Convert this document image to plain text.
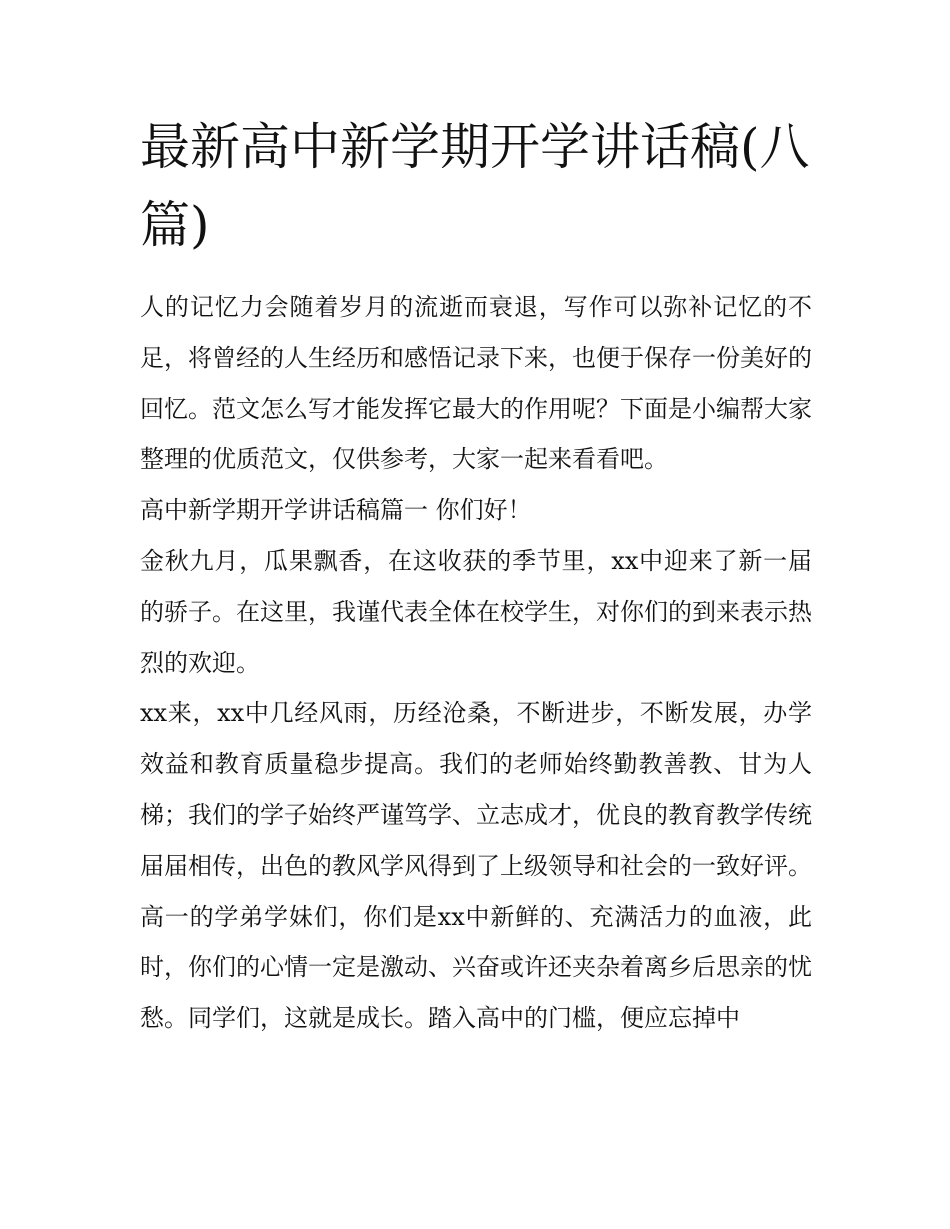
最新高中新学期开学讲话稿(八篇)

人的记忆力会随着岁月的流逝而衰退，写作可以弥补记忆的不足，将曾经的人生经历和感悟记录下来，也便于保存一份美好的回忆。范文怎么写才能发挥它最大的作用呢？下面是小编帮大家整理的优质范文，仅供参考，大家一起来看看吧。

高中新学期开学讲话稿篇一 你们好！

金秋九月，瓜果飘香，在这收获的季节里，xx中迎来了新一届的骄子。在这里，我谨代表全体在校学生，对你们的到来表示热烈的欢迎。

xx来，xx中几经风雨，历经沧桑，不断进步，不断发展，办学效益和教育质量稳步提高。我们的老师始终勤教善教、甘为人梯；我们的学子始终严谨笃学、立志成才，优良的教育教学传统届届相传，出色的教风学风得到了上级领导和社会的一致好评。

高一的学弟学妹们，你们是xx中新鲜的、充满活力的血液，此时，你们的心情一定是激动、兴奋或许还夹杂着离乡后思亲的忧愁。同学们，这就是成长。踏入高中的门槛，便应忘掉中
